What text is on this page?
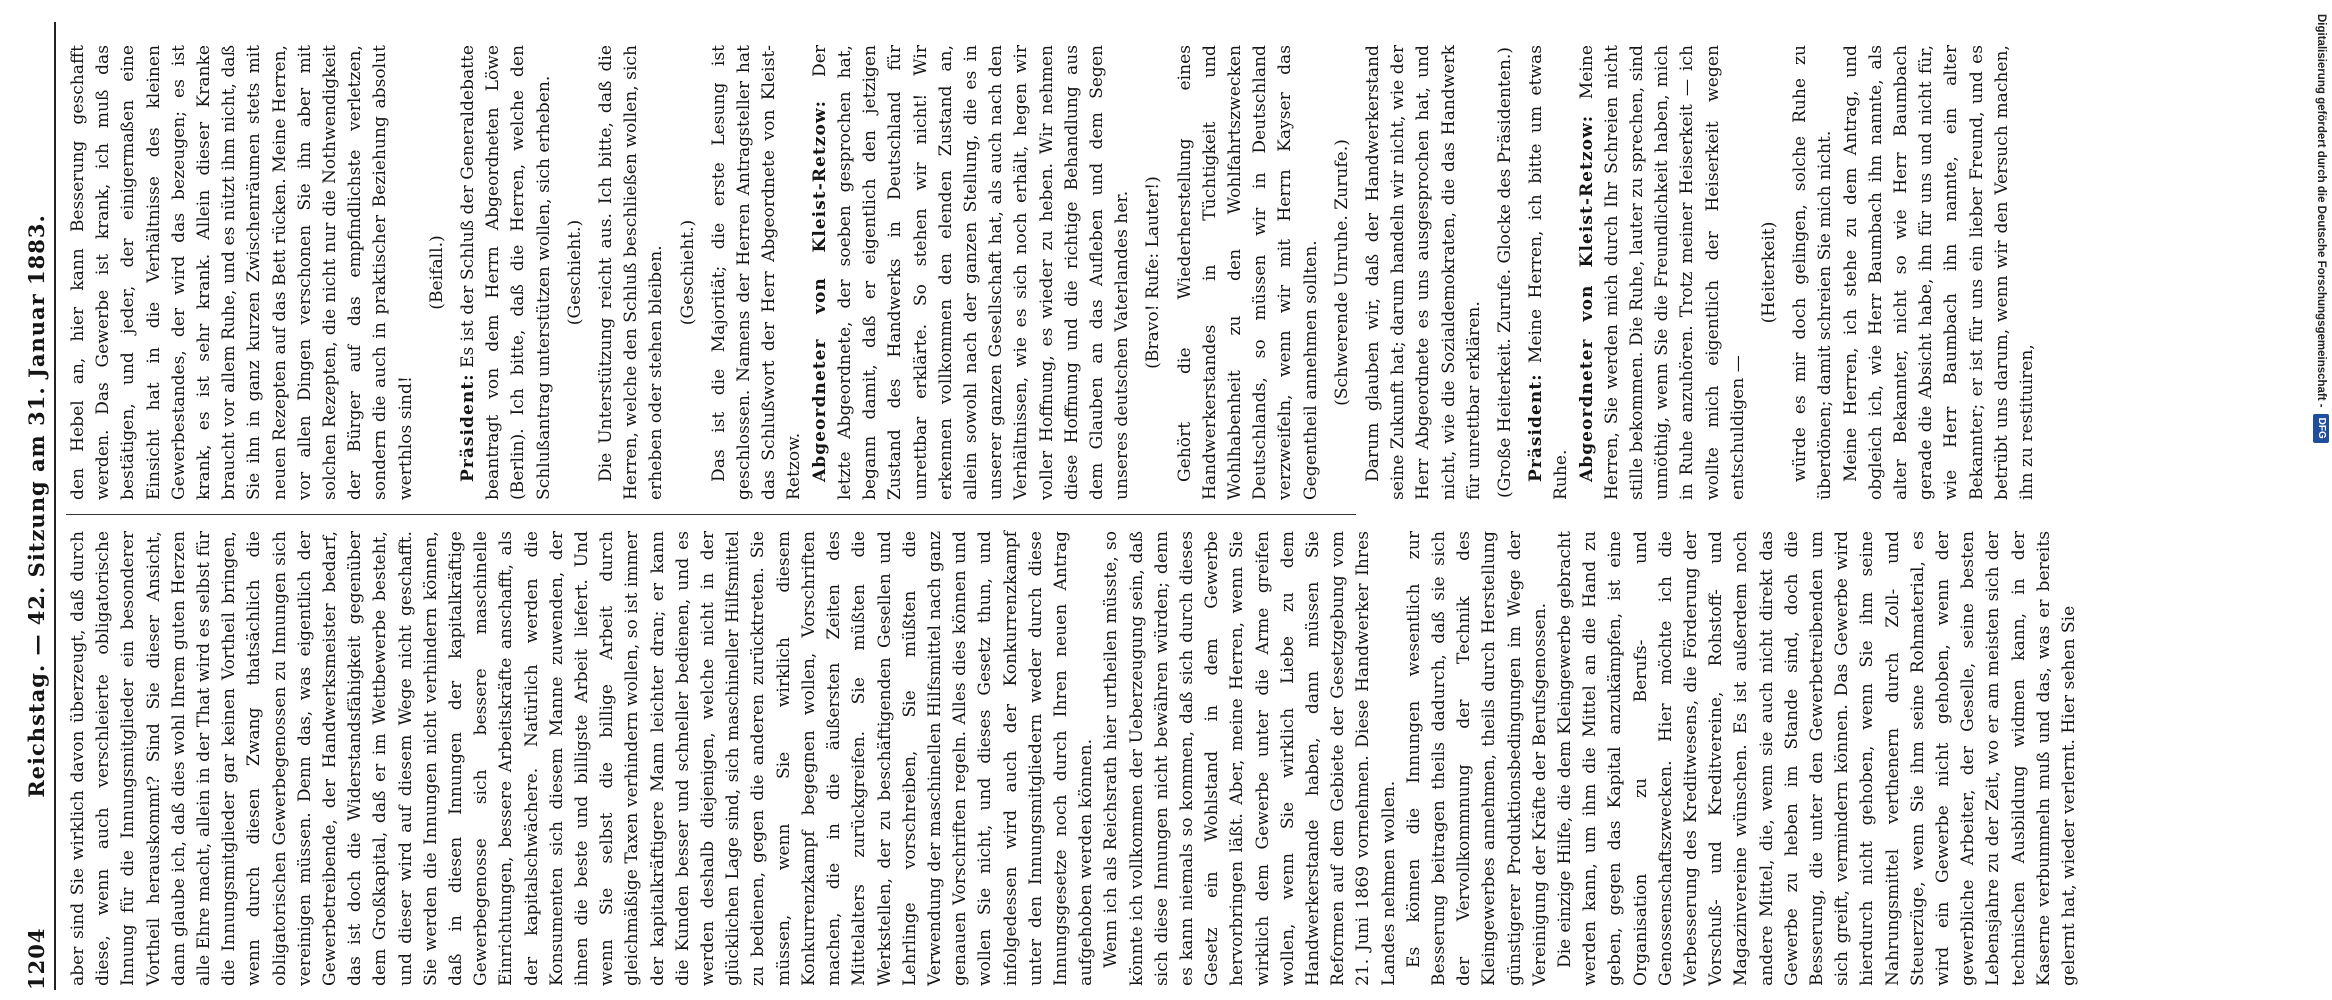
1204
Reichstag. — 42. Sitzung am 31. Januar 1883. aber sind Sie wirklich davon überzeugt, daß durch diese, wenn auch verschleierte obligatorische Innung für die Innungsmitglieder ein besonderer Vortheil herauskommt? Sind Sie dieser Ansicht, dann glaube ich, daß dies wohl Ihrem guten Herzen alle Ehre macht, allein in der That wird es selbst für die Innungsmitglieder gar keinen Vortheil bringen, wenn durch diesen Zwang thatsächlich die obligatorischen Gewerbegenossen zu Innungen sich vereinigen müssen. Denn das, was eigentlich der Gewerbetreibende, der Handwerksmeister bedarf, das ist doch die Widerstandsfähigkeit gegenüber dem Großkapital, daß er im Wettbewerbe besteht, und dieser wird auf diesem Wege nicht geschafft. Sie werden die Innungen nicht verhindern können, daß in diesen Innungen der kapitalkräftige Gewerbegenosse sich bessere maschinelle Einrichtungen, bessere Arbeitskräfte anschafft, als der kapitalschwächere. Natürlich werden die Konsumenten sich diesem Manne zuwenden, der ihnen die beste und billigste Arbeit liefert. Und wenn Sie selbst die billige Arbeit durch gleichmäßige Taxen verhindern wollen, so ist immer der kapitalkräftigere Mann leichter dran; er kann die Kunden besser und schneller bedienen, und es werden deshalb diejenigen, welche nicht in der glücklichen Lage sind, sich maschineller Hilfsmittel zu bedienen, gegen die anderen zurücktreten. Sie müssen, wenn Sie wirklich diesem Konkurrenzkampf begegnen wollen, Vorschriften machen, die in die äußersten Zeiten des Mittelalters zurückgreifen. Sie müßten die Werkstellen, der zu beschäftigenden Gesellen und Lehrlinge vorschreiben, Sie müßten die Verwendung der maschinellen Hilfsmittel nach ganz genauen Vorschriften regeln. Alles dies können und wollen Sie nicht, und dieses Gesetz thun, und infolgedessen wird auch der Konkurrenzkampf unter den Innungsmitgliedern weder durch diese Innungsgesetze noch durch Ihren neuen Antrag aufgehoben werden können. Wenn ich als Reichsrath hier urtheilen müsste, so könnte ich vollkommen der Ueberzeugung sein, daß sich diese Innungen nicht bewähren würden; denn es kann niemals so kommen, daß sich durch dieses Gesetz ein Wohlstand in dem Gewerbe hervorbringen läßt. Aber, meine Herren, wenn Sie wirklich dem Gewerbe unter die Arme greifen wollen, wenn Sie wirklich Liebe zu dem Handwerkerstande haben, dann müssen Sie Reformen auf dem Gebiete der Gesetzgebung vom 21. Juni 1869 vornehmen. Diese Handwerker Ihres Landes nehmen wollen. Es können die Innungen wesentlich zur Besserung beitragen theils dadurch, daß sie sich der Vervollkommnung der Technik des Kleingewerbes annehmen, theils durch Herstellung günstigerer Produktionsbedingungen im Wege der Vereinigung der Kräfte der Berufsgenossen. Die einzige Hilfe, die dem Kleingewerbe gebracht werden kann, um ihm die Mittel an die Hand zu geben, gegen das Kapital anzukämpfen, ist eine Organisation zu Berufs- und Genossenschaftszwecken. Hier möchte ich die Verbesserung des Kreditwesens, die Förderung der Vorschuß- und Kreditvereine, Rohstoff- und Magazinvereine wünschen. Es ist außerdem noch andere Mittel, die, wenn sie auch nicht direkt das Gewerbe zu heben im Stande sind, doch die Besserung, die unter den Gewerbetreibenden um sich greift, vermindern können. Das Gewerbe wird hierdurch nicht gehoben, wenn Sie ihm seine Nahrungsmittel verthenern durch Zoll- und Steuerzüge, wenn Sie ihm seine Rohmaterial, es wird ein Gewerbe nicht gehoben, wenn der gewerbliche Arbeiter, der Geselle, seine besten Lebensjahre zu der Zeit, wo er am meisten sich der technischen Ausbildung widmen kann, in der Kaserne verbummeln muß und das, was er bereits gelernt hat, wieder verlernt. Hier sehen Sie

den Hebel an, hier kann Besserung geschafft werden. Das Gewerbe ist krank, ich muß das bestätigen, und jeder, der einigermaßen eine Einsicht hat in die Verhältnisse des kleinen Gewerbestandes, der wird das bezeugen; es ist krank, es ist sehr krank. Allein dieser Kranke braucht vor allem Ruhe, und es nützt ihm nicht, daß Sie ihn in ganz kurzen Zwischenräumen stets mit neuen Rezepten auf das Bett rücken. Meine Herren, vor allen Dingen verschonen Sie ihn aber mit solchen Rezepten, die nicht nur die Nothwendigkeit der Bürger auf das empfindlichste verletzen, sondern die auch in praktischer Beziehung absolut werthlos sind!

(Beifall.)

Präsident: Es ist der Schluß der Generaldebatte beantragt von dem Herrn Abgeordneten Löwe (Berlin). Ich bitte, daß die Herren, welche den Schlußantrag unterstützen wollen, sich erheben. (Geschieht.) Die Unterstützung reicht aus. Ich bitte, daß die Herren, welche den Schluß beschließen wollen, sich erheben oder stehen bleiben. (Geschieht.) Das ist die Majorität; die erste Lesung ist geschlossen. Namens der Herren Antragsteller hat das Schlußwort der Herr Abgeordnete von Kleist-Retzow. Abgeordneter von Kleist-Retzow: Der letzte Abgeordnete, der soeben gesprochen hat, begann damit, daß er eigentlich den jetzigen Zustand des Handwerks in Deutschland für unrettbar erklärte. So stehen wir nicht! Wir erkennen vollkommen den elenden Zustand an, allein sowohl nach der ganzen Stellung, die es in unserer ganzen Gesellschaft hat, als auch nach den Verhältnissen, wie es sich noch erhält, hegen wir voller Hoffnung, es wieder zu heben. Wir nehmen diese Hoffnung und die richtige Behandlung aus dem Glauben an das Aufleben und dem Segen unseres deutschen Vaterlandes her. (Bravo! Rufe: Lauter!) Gehört die Wiederherstellung eines Handwerkerstandes in Tüchtigkeit und Wohlhabenheit zu den Wohlfahrtszwecken Deutschlands, so müssen wir in Deutschland verzweifeln, wenn wir mit Herrn Kayser das Gegentheil annehmen sollten. (Schwerende Unruhe. Zurufe.) Darum glauben wir, daß der Handwerkerstand seine Zukunft hat; darum handeln wir nicht, wie der Herr Abgeordnete es uns ausgesprochen hat, und nicht, wie die Sozialdemokraten, die das Handwerk für unrettbar erklären. (Große Heiterkeit. Zurufe. Glocke des Präsidenten.) Präsident: Meine Herren, ich bitte um etwas Ruhe. Abgeordneter von Kleist-Retzow: Meine Herren, Sie werden mich durch Ihr Schreien nicht stille bekommen. Die Ruhe, lauter zu sprechen, sind unnöthig, wenn Sie die Freundlichkeit haben, mich in Ruhe anzuhören. Trotz meiner Heiserkeit — ich wollte mich eigentlich der Heiserkeit wegen entschuldigen —

(Heiterkeit) würde es mir doch gelingen, solche Ruhe zu überdönen; damit schreien Sie mich nicht. Meine Herren, ich stehe zu dem Antrag, und obgleich ich, wie Herr Baumbach ihn nannte, als alter Bekannter, nicht so wie Herr Baumbach gerade die Absicht habe, ihn für uns und nicht für, wie Herr Baumbach ihn nannte, ein alter Bekannter; er ist für uns ein lieber Freund, und es betrübt uns darum, wenn wir den Versuch machen, ihn zu restituiren,

Digitalisierung gefördert durch die Deutsche Forschungsgemeinschaft -DFG
